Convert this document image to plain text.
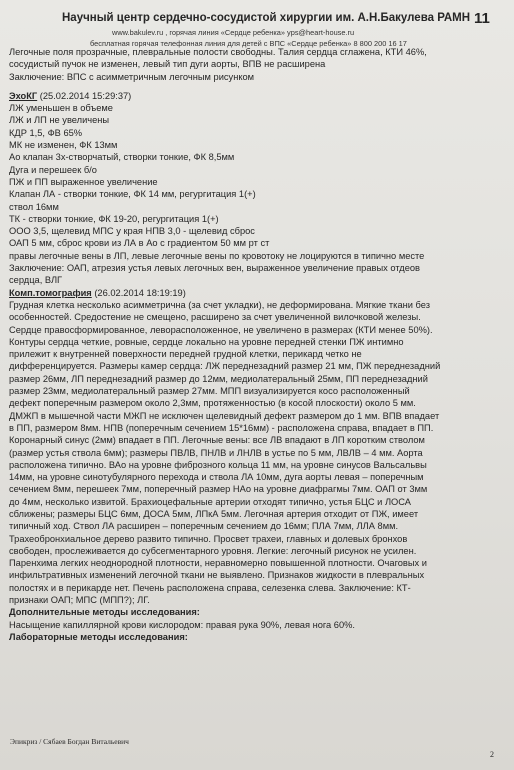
Научный центр сердечно-сосудистой хирургии им. А.Н.Бакулева РАМН 11
www.bakulev.ru , горячая линия «Сердце ребенка» yps@heart-house.ru
бесплатная горячая телефонная линия для детей с ВПС «Сердце ребенка» 8 800 200 16 17

Легочные поля прозрачные, плевральные полости свободны. Талия сердца сглажена, КТИ 46%,

сосудистый пучок не изменен, левый тип дуги аорты, ВПВ не расширена

Заключение: ВПС с асимметричным легочным рисунком

ЭхоКГ (25.02.2014 15:29:37)

ЛЖ уменьшен в объеме

ЛЖ и ЛП не увеличены

КДР 1,5, ФВ 65%

МК не изменен, ФК 13мм

Ао клапан 3х-створчатый, створки тонкие, ФК 8,5мм

Дуга и перешеек б/о

ПЖ и ПП выраженное увеличение

Клапан ЛА - створки тонкие, ФК 14 мм, регургитация 1(+)

ствол 16мм

ТК - створки тонкие, ФК 19-20, регургитация 1(+)

ООО 3,5, щелевид МПС у края НПВ 3,0 - щелевид сброс

ОАП 5 мм, сброс крови из ЛА в Ао с градиентом 50 мм рт ст

правы легочные вены в ЛП, левые легочные вены по кровотоку не лоцируются в типично месте

Заключение: ОАП, атрезия устья левых легочных вен, выраженное увеличение правых отдеов

сердца, ВЛГ

Комп.томография (26.02.2014 18:19:19)

Грудная клетка несколько асимметрична (за счет укладки), не деформирована. Мягкие ткани без

особенностей. Средостение не смещено, расширено за счет увеличенной вилочковой железы.

Сердце правосформированное, леворасположенное, не увеличено в размерах (КТИ менее 50%).

Контуры сердца четкие, ровные, сердце локально на уровне передней стенки ПЖ интимно

прилежит к внутренней поверхности передней грудной клетки, перикард четко не

дифференцируется. Размеры камер сердца: ЛЖ переднезадний размер 21 мм, ПЖ переднезадний

размер 26мм, ЛП переднезадний размер до 12мм, медиолатеральный 25мм, ПП переднезадний

размер 23мм, медиолатеральный размер 27мм. МПП визуализируется косо расположенный

дефект поперечным размером около 2,3мм, протяженностью (в косой плоскости) около 5 мм.

ДМЖП в мышечной части МЖП не исключен щелевидный дефект размером до 1 мм. ВПВ впадает

в ПП, размером 8мм. НПВ (поперечным сечением 15*16мм) - расположена справа, впадает в ПП.

Коронарный синус (2мм) впадает в ПП. Легочные вены: все ЛВ впадают в ЛП коротким стволом

(размер устья ствола 6мм); размеры ПВЛВ, ПНЛВ и ЛНЛВ в устье по 5 мм, ЛВЛВ – 4 мм. Аорта

расположена типично. ВАо на уровне фиброзного кольца 11 мм, на уровне синусов Вальсальвы

14мм, на уровне синотубулярного перехода и ствола ЛА 10мм, дуга аорты левая – поперечным

сечением 8мм, перешеек 7мм, поперечный размер НАо на уровне диафрагмы 7мм. ОАП от 3мм

до 4мм, несколько извитой. Брахиоцефальные артерии отходят типично, устья БЦС и ЛОСА

сближены; размеры БЦС 6мм, ДОСА 5мм, ЛПкА 5мм. Легочная артерия отходит от ПЖ, имеет

типичный ход. Ствол ЛА расширен – поперечным сечением до 16мм; ПЛА 7мм, ЛЛА 8мм.

Трахеобронхиальное дерево развито типично. Просвет трахеи, главных и долевых бронхов

свободен, прослеживается до субсегментарного уровня. Легкие: легочный рисунок не усилен.

Паренхима легких неоднородной плотности, неравномерно повышенной плотности. Очаговых и

инфильтративных изменений легочной ткани не выявлено. Признаков жидкости в плевральных

полостях и в перикарде нет. Печень расположена справа, селезенка слева. Заключение: КТ-

признаки ОАП; МПС (МПП?); ЛГ.

Дополнительные методы исследования:

Насыщение капиллярной крови кислородом: правая рука 90%, левая нога 60%.

Лабораторные методы исследования:

Эпикриз / Сябаев Богдан Витальевич
2
